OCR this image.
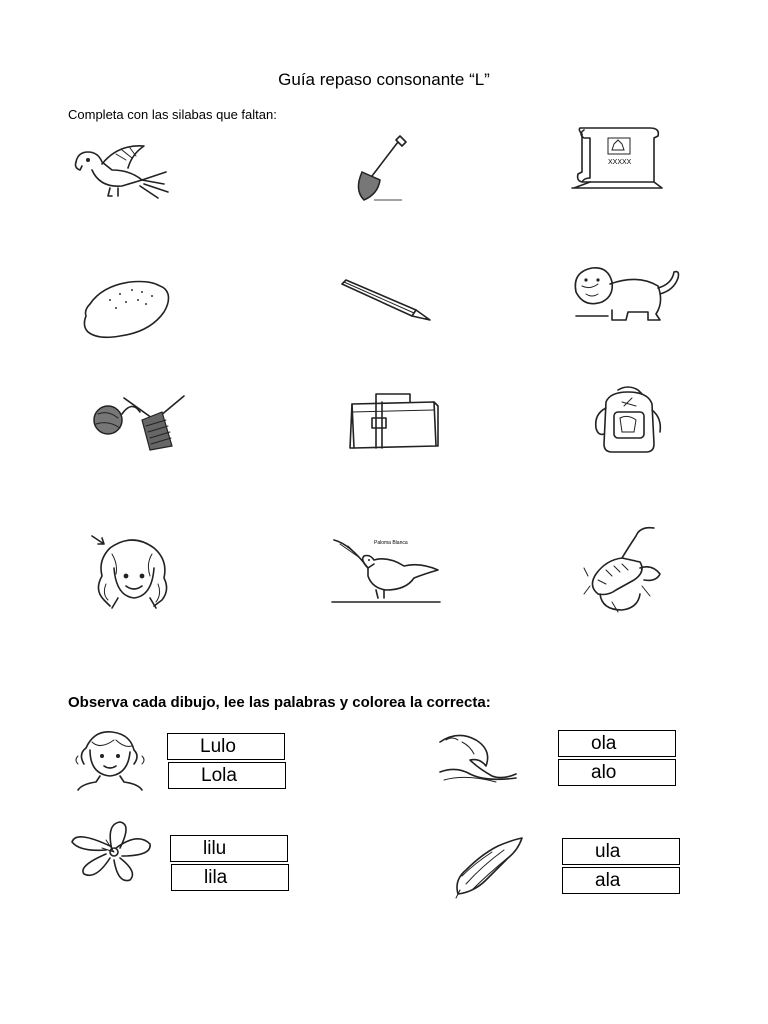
Guía repaso consonante “L”
Completa con las silabas que faltan:
XXXXX
Paloma Blanca
Observa cada dibujo, lee las palabras y colorea la correcta:
Lulo
Lola
ola
alo
lilu
lila
ula
ala
